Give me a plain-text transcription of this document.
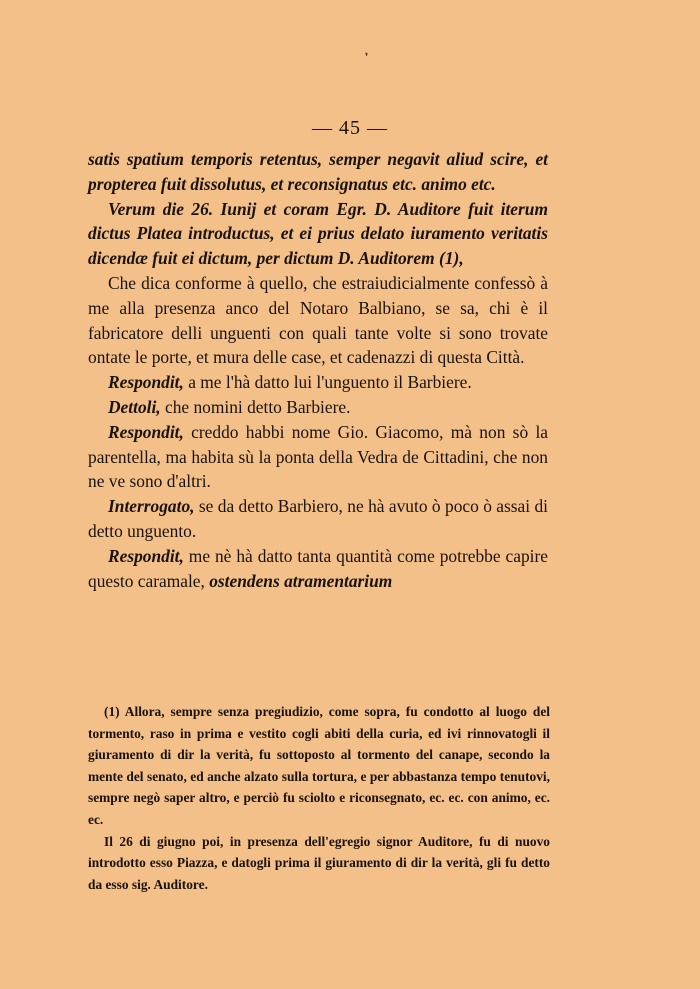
❜
— 45 —

satis spatium temporis retentus, semper negavit aliud scire, et propterea fuit dissolutus, et reconsignatus etc. animo etc.

Verum die 26. Iunij et coram Egr. D. Auditore fuit iterum dictus Platea introductus, et ei prius delato iuramento veritatis dicendæ fuit ei dictum, per dictum D. Auditorem (1),

Che dica conforme à quello, che estraiudicialmente confessò à me alla presenza anco del Notaro Balbiano, se sa, chi è il fabricatore delli unguenti con quali tante volte si sono trovate ontate le porte, et mura delle case, et cadenazzi di questa Città.

Respondit, a me l'hà datto lui l'unguento il Barbiere.

Dettoli, che nomini detto Barbiere.

Respondit, creddo habbi nome Gio. Giacomo, mà non sò la parentella, ma habita sù la ponta della Vedra de Cittadini, che non ne ve sono d'altri.

Interrogato, se da detto Barbiero, ne hà avuto ò poco ò assai di detto unguento.

Respondit, me nè hà datto tanta quantità come potrebbe capire questo caramale, ostendens atramentarium

(1) Allora, sempre senza pregiudizio, come sopra, fu condotto al luogo del tormento, raso in prima e vestito cogli abiti della curia, ed ivi rinnovatogli il giuramento di dir la verità, fu sottoposto al tormento del canape, secondo la mente del senato, ed anche alzato sulla tortura, e per abbastanza tempo tenutovi, sempre negò saper altro, e perciò fu sciolto e riconsegnato, ec. ec. con animo, ec. ec.

Il 26 di giugno poi, in presenza dell'egregio signor Auditore, fu di nuovo introdotto esso Piazza, e datogli prima il giuramento di dir la verità, gli fu detto da esso sig. Auditore.
